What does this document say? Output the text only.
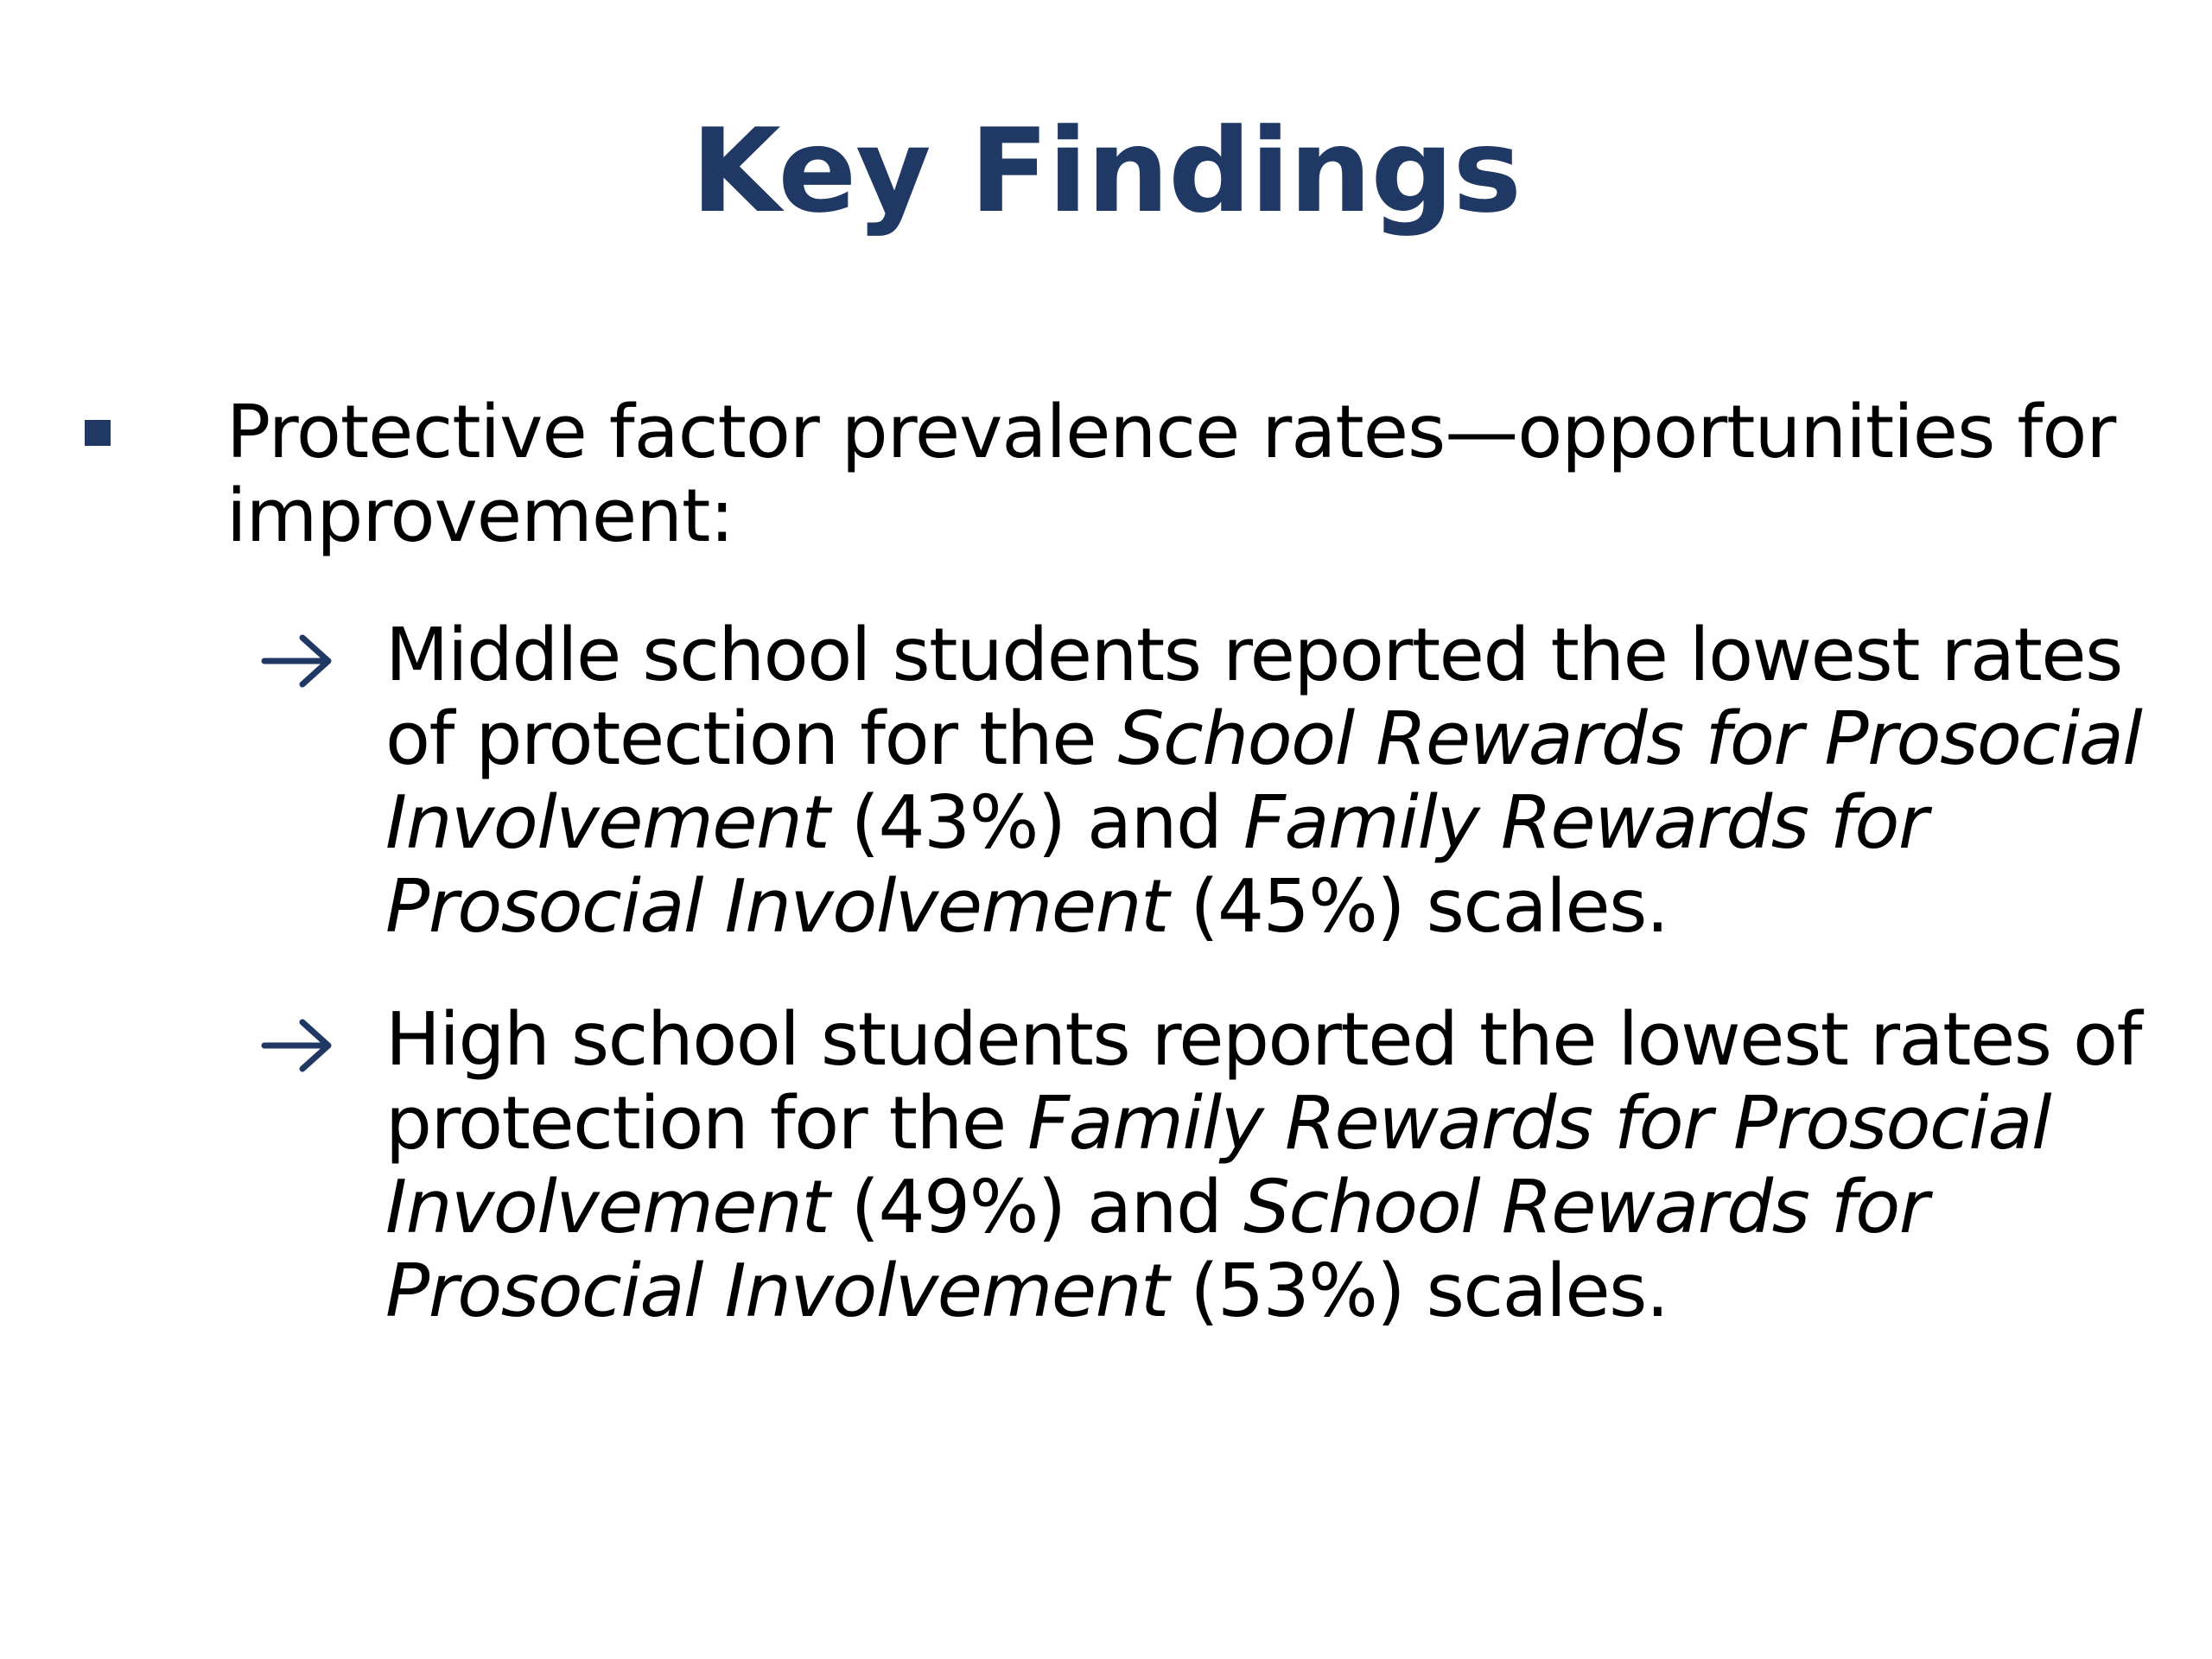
Key Findings
Protective factor prevalence rates—opportunities for improvement:
Middle school students reported the lowest rates of protection for the School Rewards for Prosocial Involvement (43%) and Family Rewards for Prosocial Involvement (45%) scales.
High school students reported the lowest rates of protection for the Family Rewards for Prosocial Involvement (49%) and School Rewards for Prosocial Involvement (53%) scales.
